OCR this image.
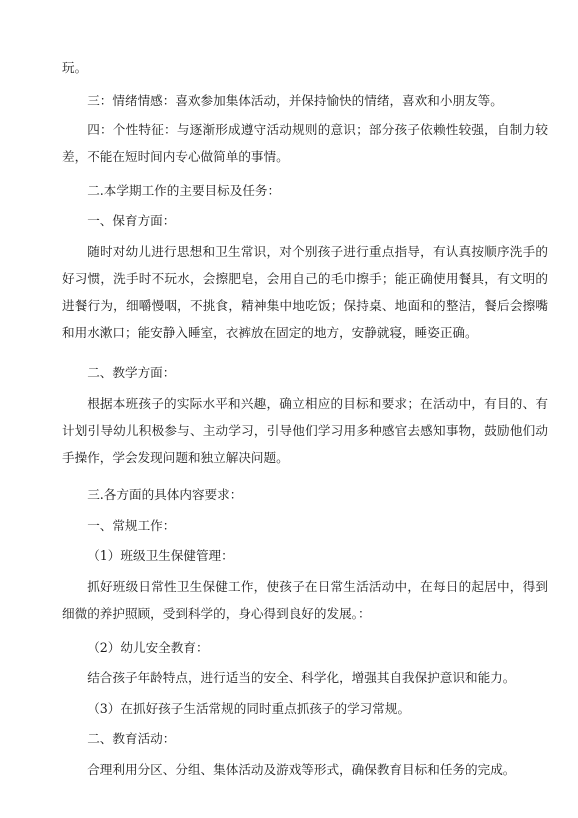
玩。

三：情绪情感：喜欢参加集体活动，并保持愉快的情绪，喜欢和小朋友等。

四：个性特征：与逐渐形成遵守活动规则的意识；部分孩子依赖性较强，自制力较差，不能在短时间内专心做简单的事情。

二.本学期工作的主要目标及任务：

一、保育方面：

随时对幼儿进行思想和卫生常识，对个别孩子进行重点指导，有认真按顺序洗手的好习惯，洗手时不玩水，会擦肥皂，会用自己的毛巾擦手；能正确使用餐具，有文明的进餐行为，细嚼慢咽，不挑食，精神集中地吃饭；保持桌、地面和的整洁，餐后会擦嘴和用水漱口；能安静入睡室，衣裤放在固定的地方，安静就寝，睡姿正确。

二、教学方面：

根据本班孩子的实际水平和兴趣，确立相应的目标和要求；在活动中，有目的、有计划引导幼儿积极参与、主动学习，引导他们学习用多种感官去感知事物，鼓励他们动手操作，学会发现问题和独立解决问题。

三.各方面的具体内容要求：

一、常规工作：

（1）班级卫生保健管理：

抓好班级日常性卫生保健工作，使孩子在日常生活活动中，在每日的起居中，得到细微的养护照顾，受到科学的，身心得到良好的发展。：

（2）幼儿安全教育：

结合孩子年龄特点，进行适当的安全、科学化，增强其自我保护意识和能力。

（3）在抓好孩子生活常规的同时重点抓孩子的学习常规。

二、教育活动：

合理利用分区、分组、集体活动及游戏等形式，确保教育目标和任务的完成。
